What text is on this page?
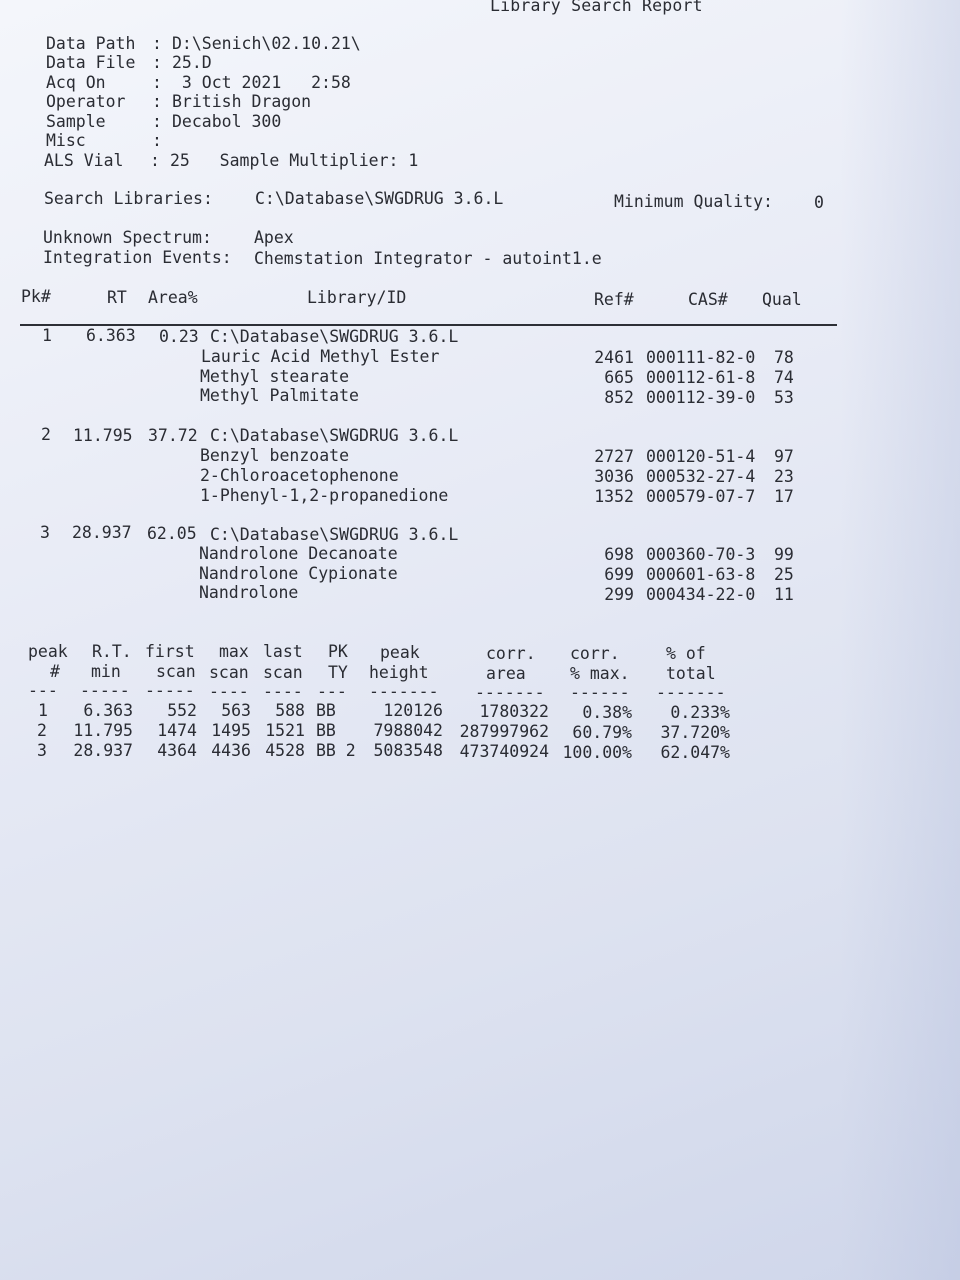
Library Search Report
Data Path : D:\Senich\02.10.21\
Data File : 25.D
Acq On	: 3 Oct 2021   2:58
Operator : British Dragon
Sample	: Decabol 300
Misc	:
ALS Vial : 25   Sample Multiplier: 1
Search Libraries:	C:\Database\SWGDRUG 3.6.L	Minimum Quality: 0
Unknown Spectrum:	Apex
Integration Events: Chemstation Integrator - autoint1.e
Pk#	RT Area%	Library/ID	Ref#	CAS# Qual
1 6.363 0.23 C:\Database\SWGDRUG 3.6.L
Lauric Acid Methyl Ester	2461 000111-82-0 78
Methyl stearate	665 000112-61-8 74
Methyl Palmitate	852 000112-39-0 53
2 11.795 37.72 C:\Database\SWGDRUG 3.6.L
Benzyl benzoate	2727 000120-51-4 97
2-Chloroacetophenone	3036 000532-27-4 23
1-Phenyl-1,2-propanedione	1352 000579-07-7 17
3 28.937 62.05 C:\Database\SWGDRUG 3.6.L
Nandrolone Decanoate	698 000360-70-3 99
Nandrolone Cypionate	699 000601-63-8 25
Nandrolone	299 000434-22-0 11
peak R.T. first max last PK peak	corr. corr.	% of
# min scan scan scan TY height	area	% max. total
--- ----- ----- ---- ---- --- ------- ------- ------ -------
1	6.363	552	563	588 BB	120126	1780322	0.38%	0.233%
2	11.795	1474 1495 1521 BB	7988042	287997962	60.79%	37.720%
3	28.937	4364 4436 4528 BB 2	5083548	473740924 100.00%	62.047%
